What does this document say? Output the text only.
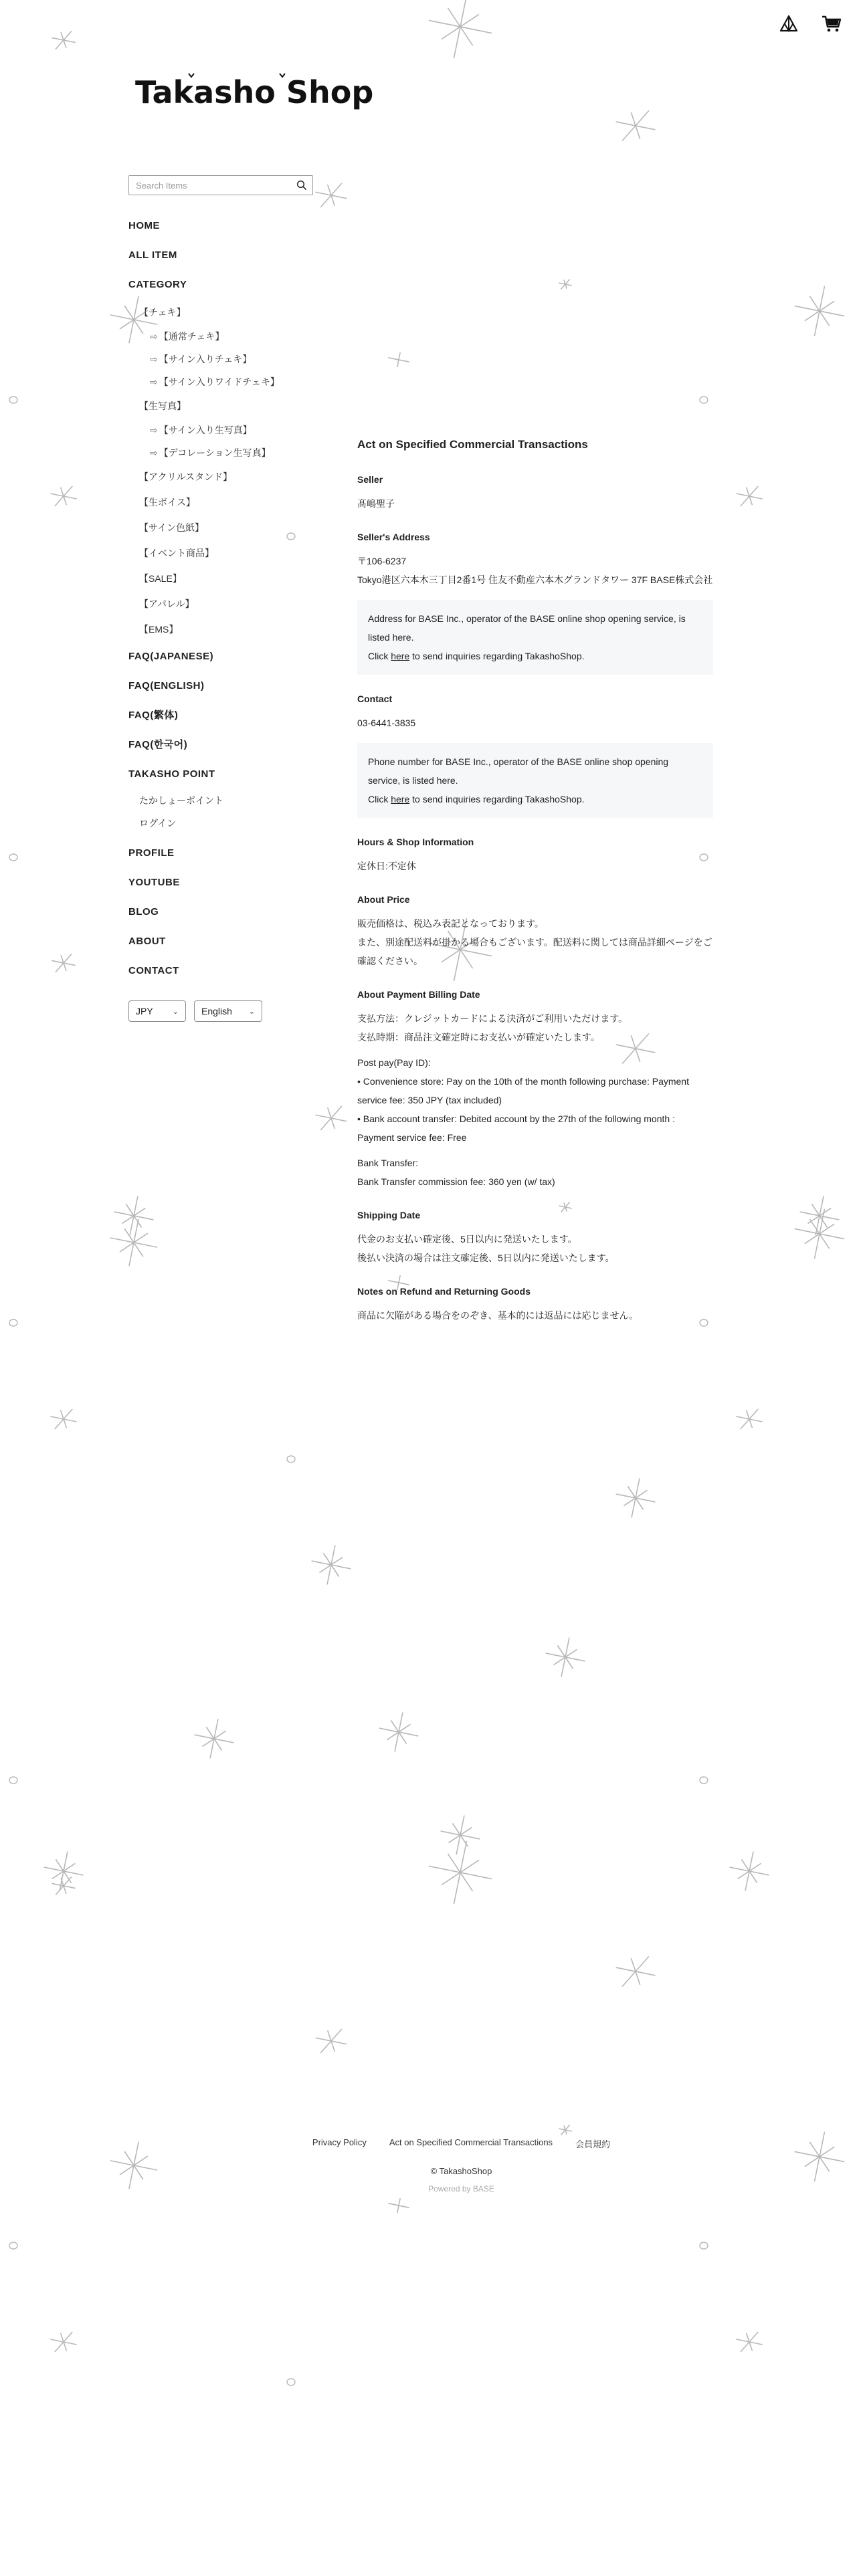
Takasho Shop
Search Items
HOME
ALL ITEM
CATEGORY
【チェキ】
⇨ 【通常チェキ】
⇨ 【サイン入りチェキ】
⇨ 【サイン入りワイドチェキ】
【生写真】
⇨ 【サイン入り生写真】
⇨ 【デコレーション生写真】
【アクリルスタンド】
【生ボイス】
【サイン色紙】
【イベント商品】
【SALE】
【アパレル】
【EMS】
FAQ(JAPANESE)
FAQ(ENGLISH)
FAQ(繁体)
FAQ(한국어)
TAKASHO POINT
たかしょーポイント
ログイン
PROFILE
YOUTUBE
BLOG
ABOUT
CONTACT
JPY	⌄ English ⌄
Act on Specified Commercial Transactions
Seller

髙嶋聖子

Seller's Address

〒106-6237

Tokyo港区六本木三丁目2番1号 住友不動産六本木グランドタワー 37F BASE株式会社

Address for BASE Inc., operator of the BASE online shop opening service, is listed here.
Click here to send inquiries regarding TakashoShop.
Contact

03-6441-3835

Phone number for BASE Inc., operator of the BASE online shop opening service, is listed here.
Click here to send inquiries regarding TakashoShop.
Hours & Shop Information

定休日:不定休

About Price

販売価格は、税込み表記となっております。

また、別途配送料が掛かる場合もございます。配送料に関しては商品詳細ページをご確認ください。

About Payment Billing Date

支払方法：クレジットカードによる決済がご利用いただけます。

支払時期：商品注文確定時にお支払いが確定いたします。

Post pay(Pay ID):

• Convenience store: Pay on the 10th of the month following purchase: Payment service fee: 350 JPY (tax included)

• Bank account transfer: Debited account by the 27th of the following month : Payment service fee: Free

Bank Transfer:

Bank Transfer commission fee: 360 yen (w/ tax)

Shipping Date

代金のお支払い確定後、5日以内に発送いたします。

後払い決済の場合は注文確定後、5日以内に発送いたします。

Notes on Refund and Returning Goods

商品に欠陥がある場合をのぞき、基本的には返品には応じません。

Privacy Policy	Act on Specified Commercial Transactions	会員規約
© TakashoShop
Powered by BASE
